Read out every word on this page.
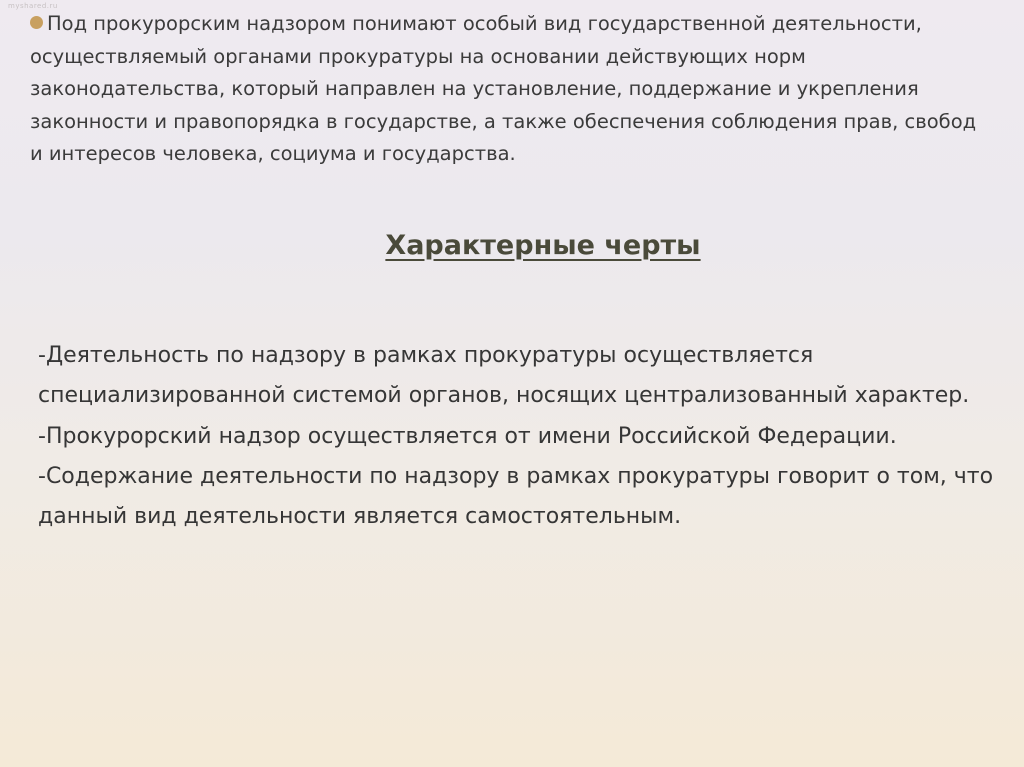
myshared.ru

Под прокурорским надзором понимают особый вид государственной деятельности, осуществляемый органами прокуратуры на основании действующих норм законодательства, который направлен на установление, поддержание и укрепления законности и правопорядка в государстве, а также обеспечения соблюдения прав, свобод и интересов человека, социума и государства.

Характерные черты
-Деятельность по надзору в рамках прокуратуры осуществляется специализированной системой органов, носящих централизованный характер.
-Прокурорский надзор осуществляется от имени Российской Федерации.
-Содержание деятельности по надзору в рамках прокуратуры говорит о том, что данный вид деятельности является самостоятельным.
